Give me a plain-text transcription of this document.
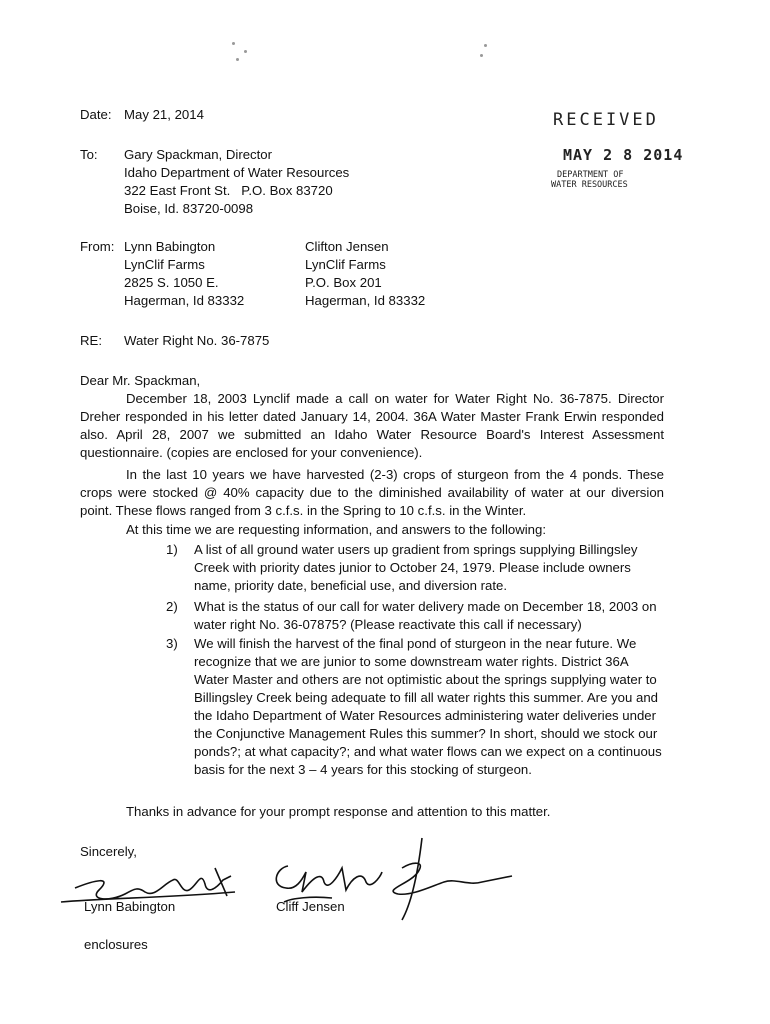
RECEIVED
MAY 2 8 2014
DEPARTMENT OF
WATER RESOURCES
Date: May 21, 2014
To: Gary Spackman, Director
Idaho Department of Water Resources
322 East Front St.   P.O. Box 83720
Boise, Id. 83720-0098
From: Lynn Babington
LynClif Farms
2825 S. 1050 E.
Hagerman, Id 83332
Clifton Jensen
LynClif Farms
P.O. Box 201
Hagerman, Id 83332
RE: Water Right No. 36-7875
Dear Mr. Spackman,
December 18, 2003 Lynclif made a call on water for Water Right No. 36-7875. Director Dreher responded in his letter dated January 14, 2004. 36A Water Master Frank Erwin responded also. April 28, 2007 we submitted an Idaho Water Resource Board's Interest Assessment questionnaire. (copies are enclosed for your convenience).
In the last 10 years we have harvested (2-3) crops of sturgeon from the 4 ponds. These crops were stocked @ 40% capacity due to the diminished availability of water at our diversion point. These flows ranged from 3 c.f.s. in the Spring to 10 c.f.s. in the Winter.
At this time we are requesting information, and answers to the following:
1) A list of all ground water users up gradient from springs supplying Billingsley Creek with priority dates junior to October 24, 1979. Please include owners name, priority date, beneficial use, and diversion rate.
2) What is the status of our call for water delivery made on December 18, 2003 on water right No. 36-07875? (Please reactivate this call if necessary)
3) We will finish the harvest of the final pond of sturgeon in the near future. We recognize that we are junior to some downstream water rights. District 36A Water Master and others are not optimistic about the springs supplying water to Billingsley Creek being adequate to fill all water rights this summer. Are you and the Idaho Department of Water Resources administering water deliveries under the Conjunctive Management Rules this summer? In short, should we stock our ponds?; at what capacity?; and what water flows can we expect on a continuous basis for the next 3 – 4 years for this stocking of sturgeon.
Thanks in advance for your prompt response and attention to this matter.
Sincerely,
Lynn Babington	Cliff Jensen
enclosures
